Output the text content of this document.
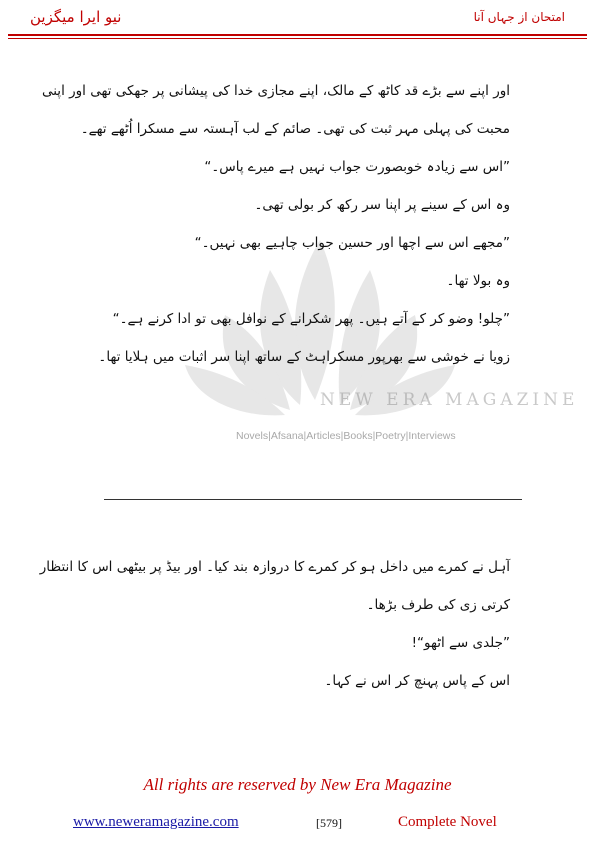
نیو ایرا میگزین	امتحان از جہاں آنا
NEW ERA MAGAZINE
Novels|Afsana|Articles|Books|Poetry|Interviews
اور اپنے سے بڑے قد کاٹھ کے مالک، اپنے مجازی خدا کی پیشانی پر جھکی تھی اور اپنی
محبت کی پہلی مہر ثبت کی تھی۔ صائم کے لب آہستہ سے مسکرا اُٹھے تھے۔
”اس سے زیادہ خوبصورت جواب نہیں ہے میرے پاس۔“
وہ اس کے سینے پر اپنا سر رکھ کر بولی تھی۔
”مجھے اس سے اچھا اور حسین جواب چاہیے بھی نہیں۔“
وہ بولا تھا۔
”چلو! وضو کر کے آتے ہیں۔ پھر شکرانے کے نوافل بھی تو ادا کرنے ہے۔“
زویا نے خوشی سے بھرپور مسکراہٹ کے ساتھ اپنا سر اثبات میں ہلایا تھا۔
آہل نے کمرے میں داخل ہو کر کمرے کا دروازہ بند کیا۔ اور بیڈ پر بیٹھی اس کا انتظار
کرتی زی کی طرف بڑھا۔
”جلدی سے اٹھو“!
اس کے پاس پہنچ کر اس نے کہا۔
All rights are reserved by New Era Magazine
www.neweramagazine.com	[579]	Complete Novel
